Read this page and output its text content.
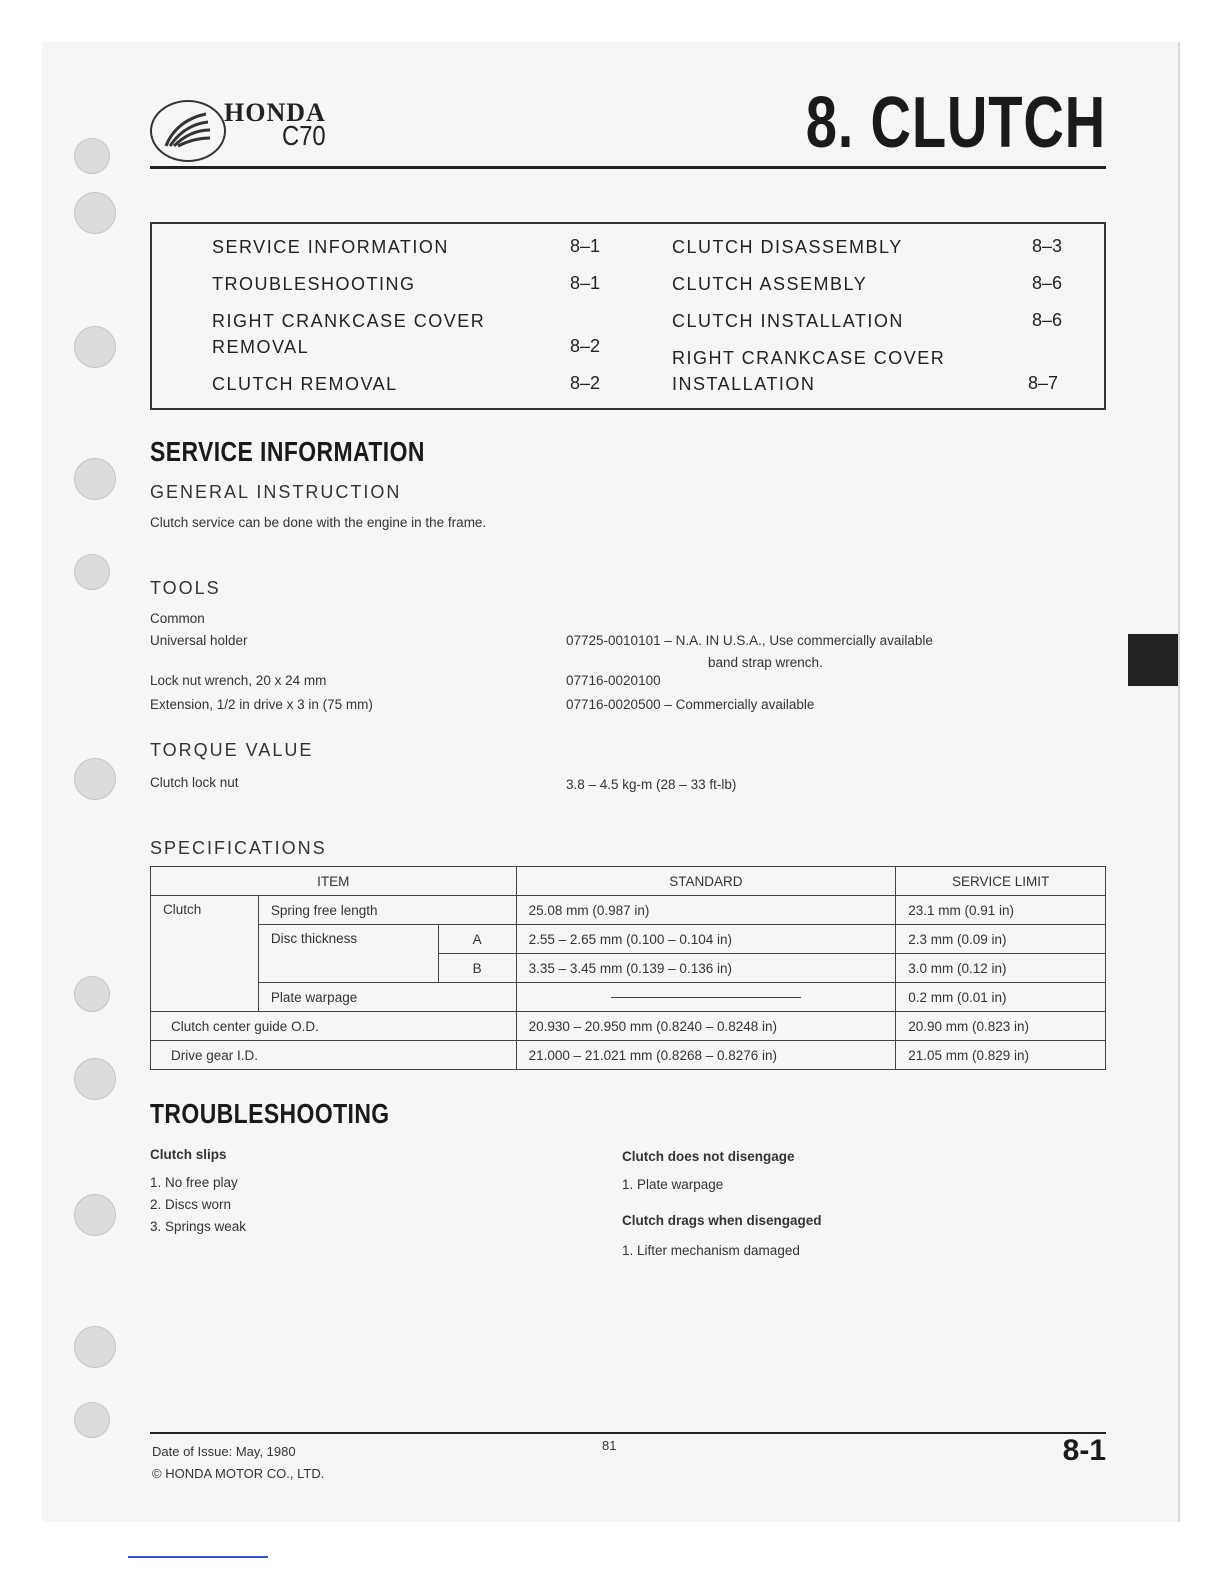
HONDA
C70	8. CLUTCH
SERVICE INFORMATION	8–1
TROUBLESHOOTING	8–1
RIGHT CRANKCASE COVER
REMOVAL	8–2
CLUTCH REMOVAL	8–2
CLUTCH DISASSEMBLY	8–3
CLUTCH ASSEMBLY	8–6
CLUTCH INSTALLATION	8–6
RIGHT CRANKCASE COVER
INSTALLATION	8–7
SERVICE INFORMATION
GENERAL INSTRUCTION
Clutch service can be done with the engine in the frame.
TOOLS
Common
Universal holder	07725-0010101 – N.A. IN U.S.A., Use commercially available
band strap wrench.
Lock nut wrench, 20 x 24 mm	07716-0020100
Extension, 1/2 in drive x 3 in (75 mm)	07716-0020500 – Commercially available
TORQUE VALUE
Clutch lock nut	3.8 – 4.5 kg-m (28 – 33 ft-lb)
SPECIFICATIONS
ITEM			STANDARD	SERVICE LIMIT
Clutch	Spring free length		25.08 mm (0.987 in)	23.1 mm (0.91 in)
	Disc thickness	A	2.55 – 2.65 mm (0.100 – 0.104 in)	2.3 mm (0.09 in)
		B	3.35 – 3.45 mm (0.139 – 0.136 in)	3.0 mm (0.12 in)
	Plate warpage			0.2 mm (0.01 in)
Clutch center guide O.D.			20.930 – 20.950 mm (0.8240 – 0.8248 in)	20.90 mm (0.823 in)
Drive gear I.D.			21.000 – 21.021 mm (0.8268 – 0.8276 in)	21.05 mm (0.829 in)
TROUBLESHOOTING
Clutch slips
1. No free play
2. Discs worn
3. Springs weak
Clutch does not disengage
1. Plate warpage
Clutch drags when disengaged
1. Lifter mechanism damaged
Date of Issue: May, 1980
© HONDA MOTOR CO., LTD.
81	8-1
